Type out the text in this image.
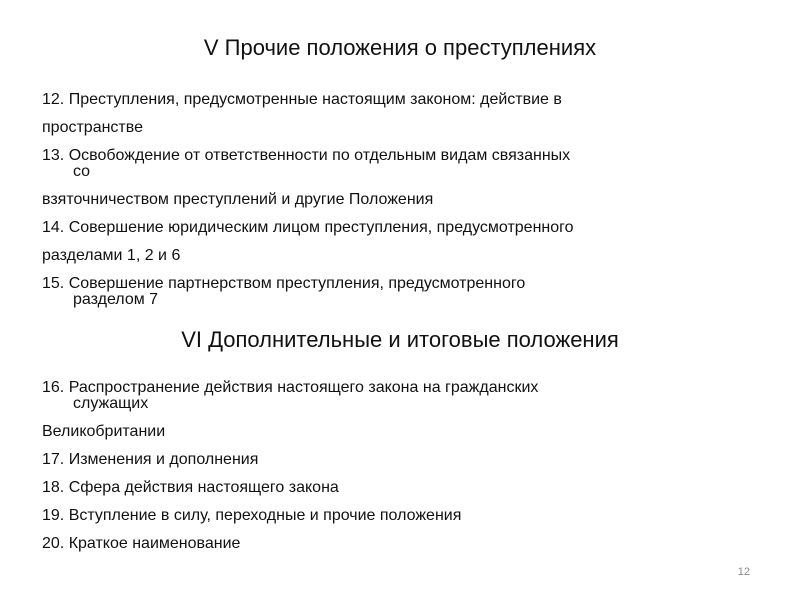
V Прочие положения о преступлениях
12. Преступления, предусмотренные настоящим законом: действие в
пространстве
13. Освобождение от ответственности по отдельным видам связанных
со
взяточничеством преступлений и другие Положения
14. Совершение юридическим лицом преступления, предусмотренного
разделами 1, 2 и 6
15. Совершение партнерством преступления, предусмотренного
разделом 7
VI Дополнительные и итоговые положения
16. Распространение действия настоящего закона на гражданских
служащих
Великобритании
17. Изменения и дополнения
18. Сфера действия настоящего закона
19. Вступление в силу, переходные и прочие положения
20. Краткое наименование
12
